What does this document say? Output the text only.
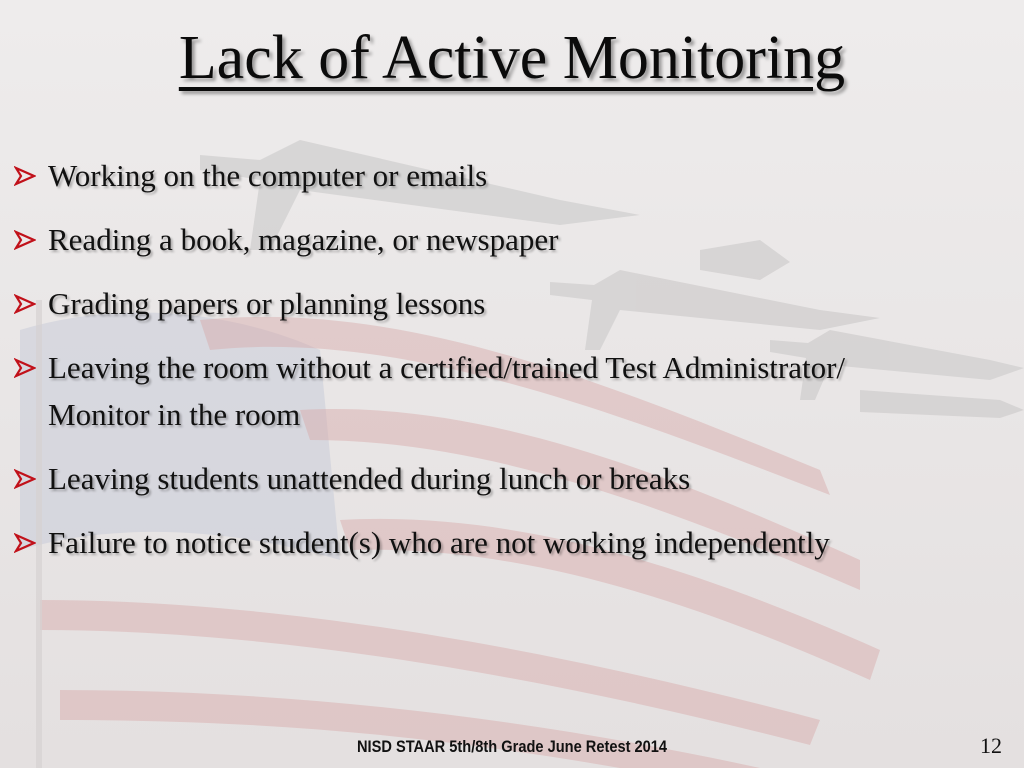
Lack of Active Monitoring
Working on the computer or emails
Reading a book, magazine, or newspaper
Grading papers or planning lessons
Leaving the room without a certified/trained Test Administrator/ Monitor in the room
Leaving students unattended during lunch or breaks
Failure to notice student(s) who are not working independently
NISD STAAR 5th/8th Grade June Retest 2014	12
